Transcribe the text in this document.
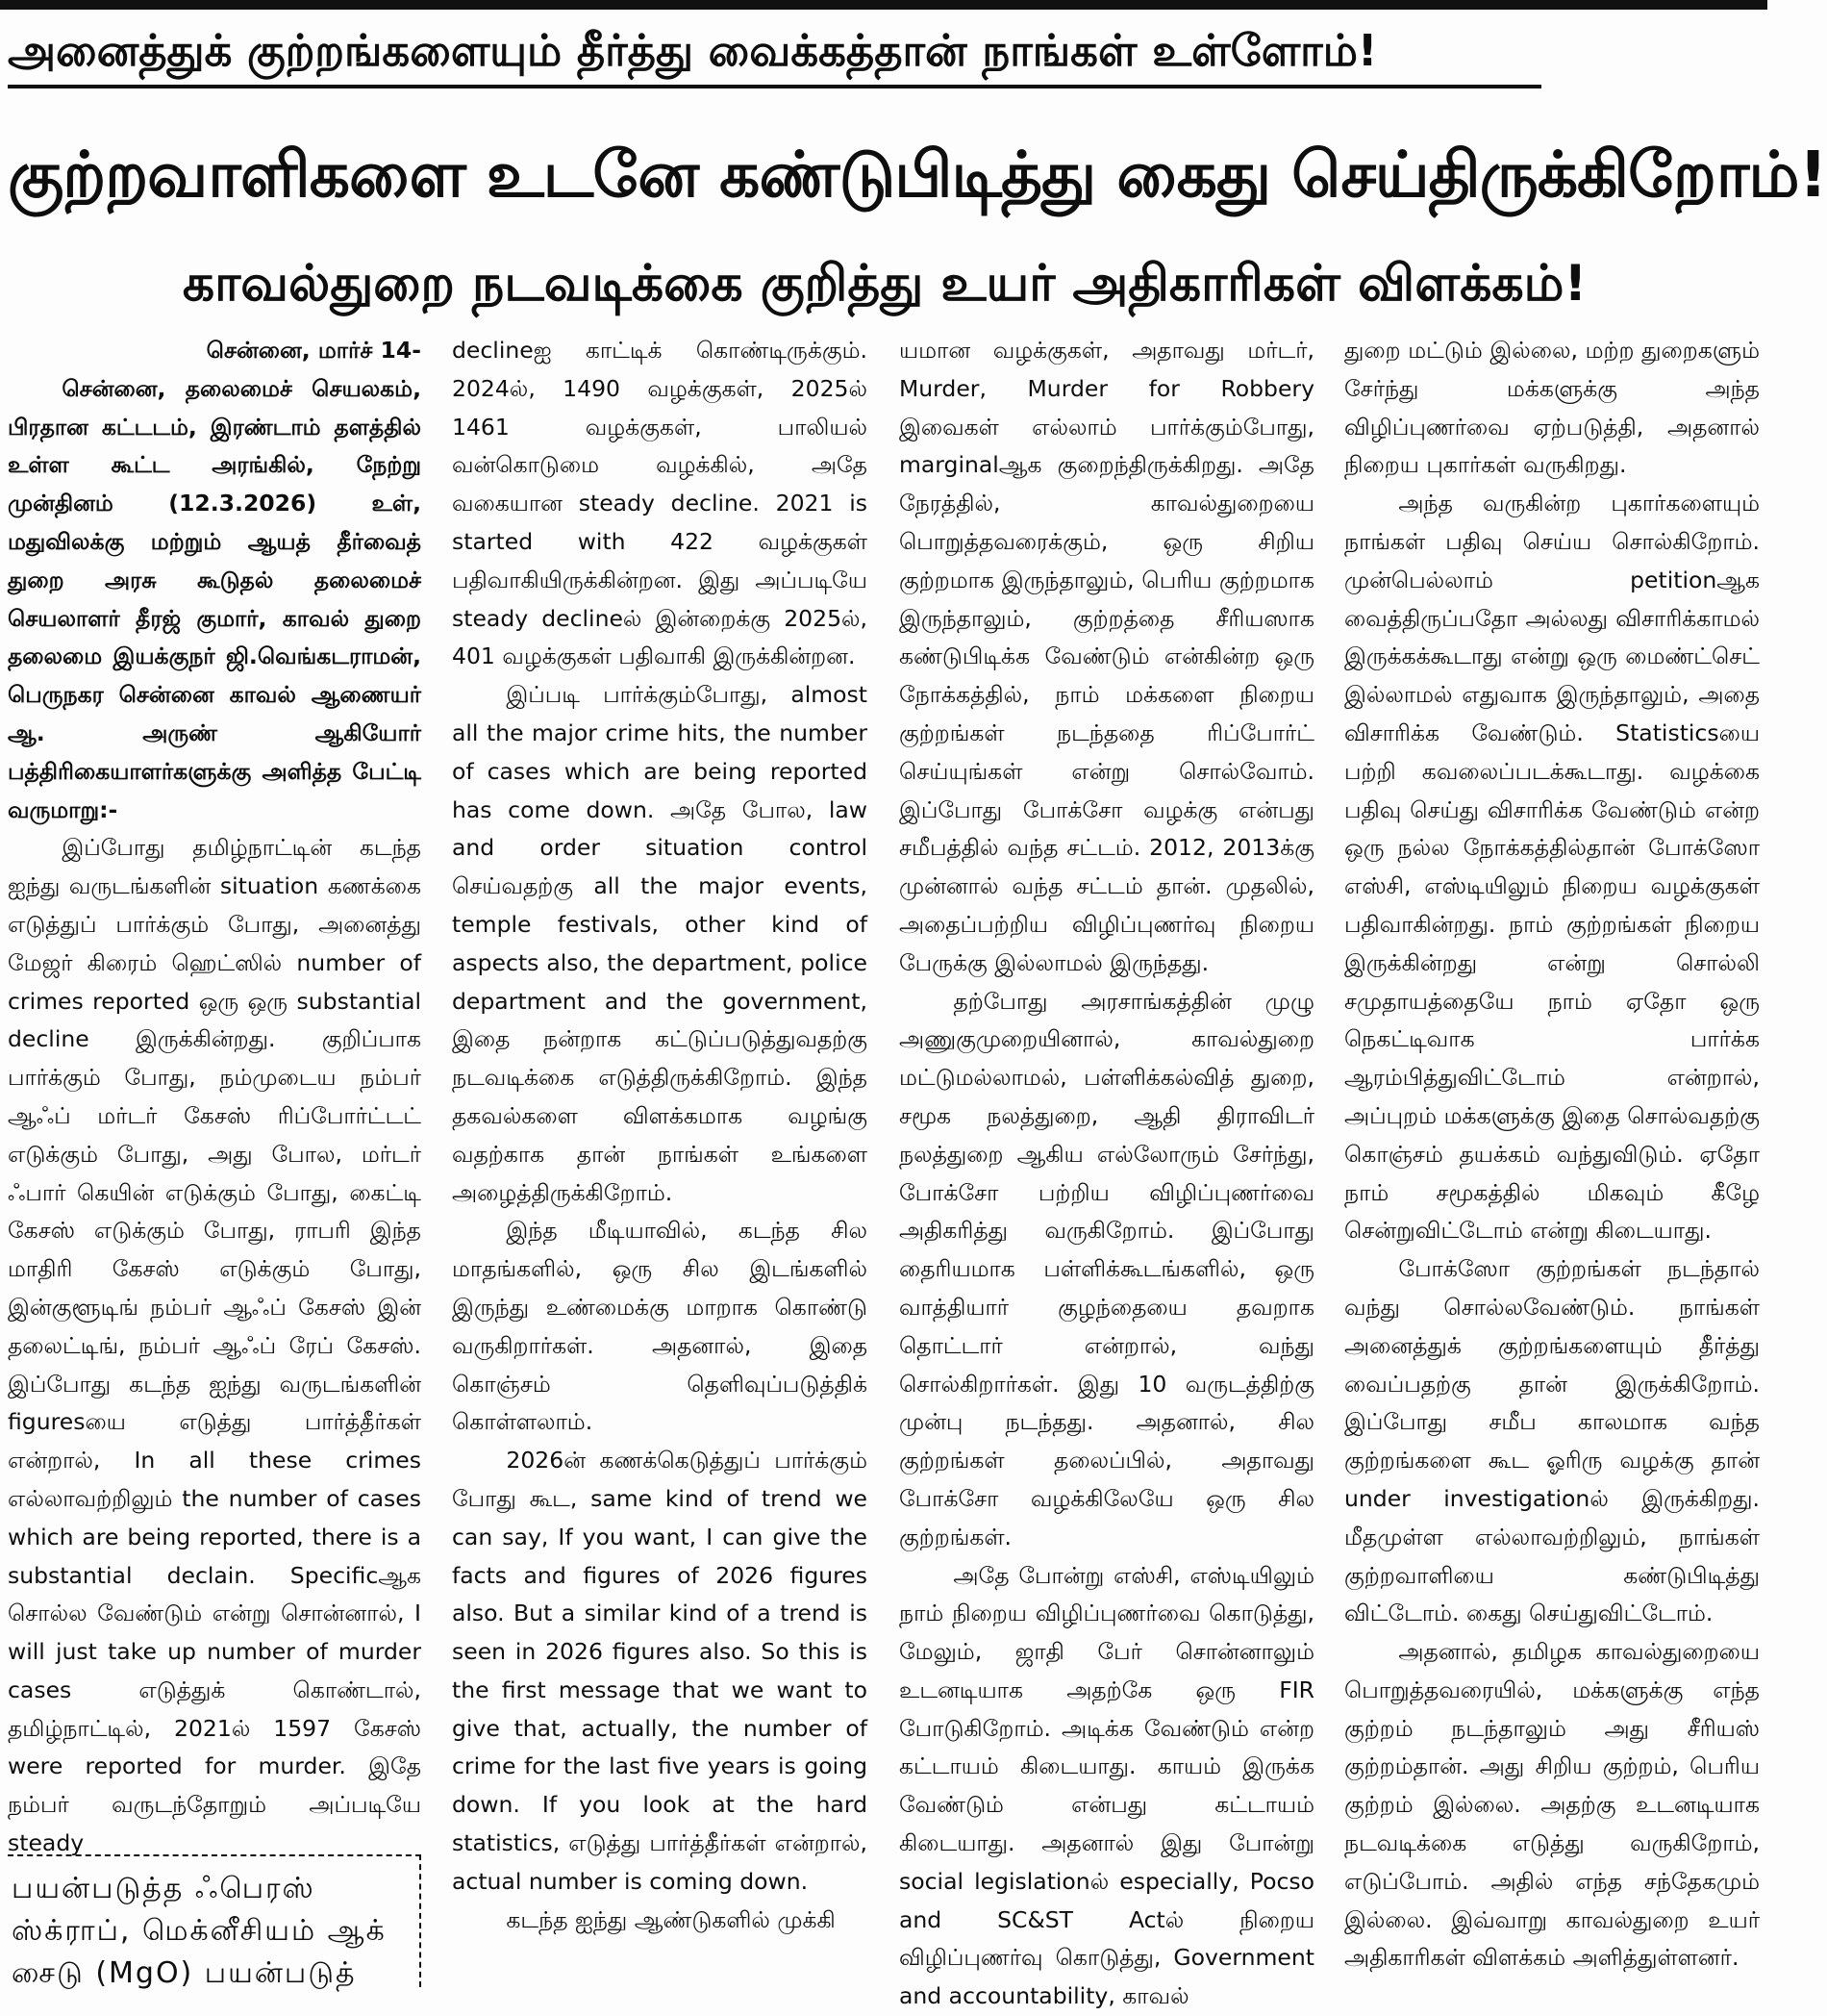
அனைத்துக் குற்றங்களையும் தீர்த்து வைக்கத்தான் நாங்கள் உள்ளோம்!
குற்றவாளிகளை உடனே கண்டுபிடித்து கைது செய்திருக்கிறோம்!
காவல்துறை நடவடிக்கை குறித்து உயர் அதிகாரிகள் விளக்கம்!

சென்னை, மார்ச் 14-

சென்னை, தலைமைச் செயலகம், பிரதான கட்டடம், இரண்டாம் தளத்தில் உள்ள கூட்ட அரங்கில், நேற்று முன்தினம் (12.3.2026) உள், மதுவிலக்கு மற்றும் ஆயத் தீர்வைத் துறை அரசு கூடுதல் தலைமைச் செயலாளர் தீரஜ் குமார், காவல் துறை தலைமை இயக்குநர் ஜி.வெங்கடராமன், பெருநகர சென்னை காவல் ஆணையர் ஆ. அருண் ஆகியோர் பத்திரிகையாளர்களுக்கு அளித்த பேட்டி வருமாறு:-

இப்போது தமிழ்நாட்டின் கடந்த ஐந்து வருடங்களின் situation கணக்கை எடுத்துப் பார்க்கும் போது, அனைத்து மேஜர் கிரைம் ஹெட்ஸில் number of crimes reported ஒரு ஒரு substantial decline இருக்கின்றது. குறிப்பாக பார்க்கும் போது, நம்முடைய நம்பர் ஆஃப் மர்டர் கேசஸ் ரிப்போர்ட்டட் எடுக்கும் போது, அது போல, மர்டர் ஃபார் கெயின் எடுக்கும் போது, கைட்டி கேசஸ் எடுக்கும் போது, ராபரி இந்த மாதிரி கேசஸ் எடுக்கும் போது, இன்குளூடிங் நம்பர் ஆஃப் கேசஸ் இன் தலைட்டிங், நம்பர் ஆஃப் ரேப் கேசஸ். இப்போது கடந்த ஐந்து வருடங்களின் figuresயை எடுத்து பார்த்தீர்கள் என்றால், In all these crimes எல்லாவற்றிலும் the number of cases which are being reported, there is a substantial declain. Specificஆக சொல்ல வேண்டும் என்று சொன்னால், I will just take up number of murder cases எடுத்துக் கொண்டால், தமிழ்நாட்டில், 2021ல் 1597 கேசஸ் were reported for murder. இதே நம்பர் வருடந்தோறும் அப்படியே steady

declineஐ காட்டிக் கொண்டிருக்கும். 2024ல், 1490 வழக்குகள், 2025ல் 1461 வழக்குகள், பாலியல் வன்கொடுமை வழக்கில், அதே வகையான steady decline. 2021 is started with 422 வழக்குகள் பதிவாகியிருக்கின்றன. இது அப்படியே steady declineல் இன்றைக்கு 2025ல், 401 வழக்குகள் பதிவாகி இருக்கின்றன.

இப்படி பார்க்கும்போது, almost all the major crime hits, the number of cases which are being reported has come down. அதே போல, law and order situation control செய்வதற்கு all the major events, temple festivals, other kind of aspects also, the department, police department and the government, இதை நன்றாக கட்டுப்படுத்துவதற்கு நடவடிக்கை எடுத்திருக்கிறோம். இந்த தகவல்களை விளக்கமாக வழங்கு வதற்காக தான் நாங்கள் உங்களை அழைத்திருக்கிறோம்.

இந்த மீடியாவில், கடந்த சில மாதங்களில், ஒரு சில இடங்களில் இருந்து உண்மைக்கு மாறாக கொண்டு வருகிறார்கள். அதனால், இதை கொஞ்சம் தெளிவுப்படுத்திக் கொள்ளலாம்.

2026ன் கணக்கெடுத்துப் பார்க்கும் போது கூட, same kind of trend we can say, If you want, I can give the facts and figures of 2026 figures also. But a similar kind of a trend is seen in 2026 figures also. So this is the first message that we want to give that, actually, the number of crime for the last five years is going down. If you look at the hard statistics, எடுத்து பார்த்தீர்கள் என்றால், actual number is coming down.

கடந்த ஐந்து ஆண்டுகளில் முக்கி

யமான வழக்குகள், அதாவது மர்டர், Murder, Murder for Robbery இவைகள் எல்லாம் பார்க்கும்போது, marginalஆக குறைந்திருக்கிறது. அதே நேரத்தில், காவல்துறையை பொறுத்தவரைக்கும், ஒரு சிறிய குற்றமாக இருந்தாலும், பெரிய குற்றமாக இருந்தாலும், குற்றத்தை சீரியஸாக கண்டுபிடிக்க வேண்டும் என்கின்ற ஒரு நோக்கத்தில், நாம் மக்களை நிறைய குற்றங்கள் நடந்ததை ரிப்போர்ட் செய்யுங்கள் என்று சொல்வோம். இப்போது போக்சோ வழக்கு என்பது சமீபத்தில் வந்த சட்டம். 2012, 2013க்கு முன்னால் வந்த சட்டம் தான். முதலில், அதைப்பற்றிய விழிப்புணர்வு நிறைய பேருக்கு இல்லாமல் இருந்தது.

தற்போது அரசாங்கத்தின் முழு அணுகுமுறையினால், காவல்துறை மட்டுமல்லாமல், பள்ளிக்கல்வித் துறை, சமூக நலத்துறை, ஆதி திராவிடர் நலத்துறை ஆகிய எல்லோரும் சேர்ந்து, போக்சோ பற்றிய விழிப்புணர்வை அதிகரித்து வருகிறோம். இப்போது தைரியமாக பள்ளிக்கூடங்களில், ஒரு வாத்தியார் குழந்தையை தவறாக தொட்டார் என்றால், வந்து சொல்கிறார்கள். இது 10 வருடத்திற்கு முன்பு நடந்தது. அதனால், சில குற்றங்கள் தலைப்பில், அதாவது போக்சோ வழக்கிலேயே ஒரு சில குற்றங்கள்.

அதே போன்று எஸ்சி, எஸ்டியிலும் நாம் நிறைய விழிப்புணர்வை கொடுத்து, மேலும், ஜாதி பேர் சொன்னாலும் உடனடியாக அதற்கே ஒரு FIR போடுகிறோம். அடிக்க வேண்டும் என்ற கட்டாயம் கிடையாது. காயம் இருக்க வேண்டும் என்பது கட்டாயம் கிடையாது. அதனால் இது போன்று social legislationல் especially, Pocso and SC&ST Actல் நிறைய விழிப்புணர்வு கொடுத்து, Government and accountability, காவல்

துறை மட்டும் இல்லை, மற்ற துறைகளும் சேர்ந்து மக்களுக்கு அந்த விழிப்புணர்வை ஏற்படுத்தி, அதனால் நிறைய புகார்கள் வருகிறது.

அந்த வருகின்ற புகார்களையும் நாங்கள் பதிவு செய்ய சொல்கிறோம். முன்பெல்லாம் petitionஆக வைத்திருப்பதோ அல்லது விசாரிக்காமல் இருக்கக்கூடாது என்று ஒரு மைண்ட்செட் இல்லாமல் எதுவாக இருந்தாலும், அதை விசாரிக்க வேண்டும். Statisticsயை பற்றி கவலைப்படக்கூடாது. வழக்கை பதிவு செய்து விசாரிக்க வேண்டும் என்ற ஒரு நல்ல நோக்கத்தில்தான் போக்ஸோ எஸ்சி, எஸ்டியிலும் நிறைய வழக்குகள் பதிவாகின்றது. நாம் குற்றங்கள் நிறைய இருக்கின்றது என்று சொல்லி சமுதாயத்தையே நாம் ஏதோ ஒரு நெகட்டிவாக பார்க்க ஆரம்பித்துவிட்டோம் என்றால், அப்புறம் மக்களுக்கு இதை சொல்வதற்கு கொஞ்சம் தயக்கம் வந்துவிடும். ஏதோ நாம் சமூகத்தில் மிகவும் கீழே சென்றுவிட்டோம் என்று கிடையாது.

போக்ஸோ குற்றங்கள் நடந்தால் வந்து சொல்லவேண்டும். நாங்கள் அனைத்துக் குற்றங்களையும் தீர்த்து வைப்பதற்கு தான் இருக்கிறோம். இப்போது சமீப காலமாக வந்த குற்றங்களை கூட ஓரிரு வழக்கு தான் under investigationல் இருக்கிறது. மீதமுள்ள எல்லாவற்றிலும், நாங்கள் குற்றவாளியை கண்டுபிடித்து விட்டோம். கைது செய்துவிட்டோம்.

அதனால், தமிழக காவல்துறையை பொறுத்தவரையில், மக்களுக்கு எந்த குற்றம் நடந்தாலும் அது சீரியஸ் குற்றம்தான். அது சிறிய குற்றம், பெரிய குற்றம் இல்லை. அதற்கு உடனடியாக நடவடிக்கை எடுத்து வருகிறோம், எடுப்போம். அதில் எந்த சந்தேகமும் இல்லை. இவ்வாறு காவல்துறை உயர் அதிகாரிகள் விளக்கம் அளித்துள்ளனர்.

பயன்படுத்த ஃபெரஸ் ஸ்க்ராப், மெக்னீசியம் ஆக் சைடு (MgO) பயன்படுத்
